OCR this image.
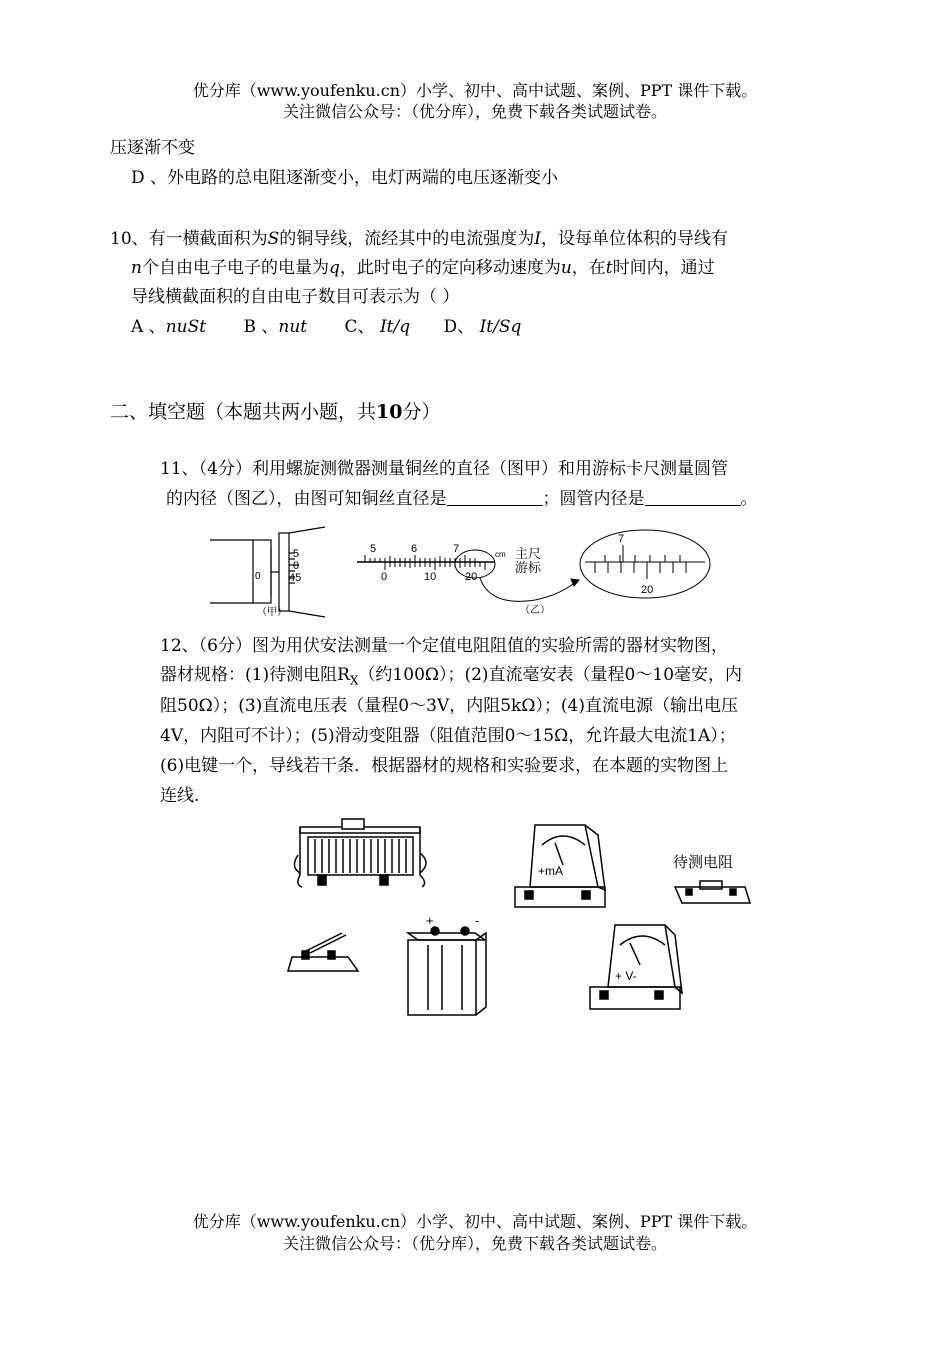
优分库（www.youfenku.cn）小学、初中、高中试题、案例、PPT 课件下载。
关注微信公众号：（优分库），免费下载各类试题试卷。
压逐渐不变
D 、外电路的总电阻逐渐变小，电灯两端的电压逐渐变小
10、有一横截面积为S的铜导线，流经其中的电流强度为I，设每单位体积的导线有
n个自由电子电子的电量为q，此时电子的定向移动速度为u，在t时间内，通过
导线横截面积的自由电子数目可表示为（ ）
A 、nuSt B 、nut C、 It/q D、 It/Sq
二、填空题（本题共两小题，共10分）
11、（4分）利用螺旋测微器测量铜丝的直径（图甲）和用游标卡尺测量圆管
的内径（图乙），由图可知铜丝直径是	；圆管内径是	。
5
0
45
0
（甲）
5	6	7	cm
0	10	20
主尺
游标
（乙）
7
20
12、（6分）图为用伏安法测量一个定值电阻阻值的实验所需的器材实物图，
器材规格：(1)待测电阻$R_X$（约100Ω）；(2)直流毫安表（量程0～10毫安，内
阻50Ω）；(3)直流电压表（量程0～3V，内阻5kΩ）；(4)直流电源（输出电压
4V，内阻可不计）；(5)滑动变阻器（阻值范围0～15Ω，允许最大电流1A）；
(6)电键一个，导线若干条．根据器材的规格和实验要求，在本题的实物图上
连线.
+mA	待测电阻
+	-
+ V-
优分库（www.youfenku.cn）小学、初中、高中试题、案例、PPT 课件下载。
关注微信公众号：（优分库），免费下载各类试题试卷。
